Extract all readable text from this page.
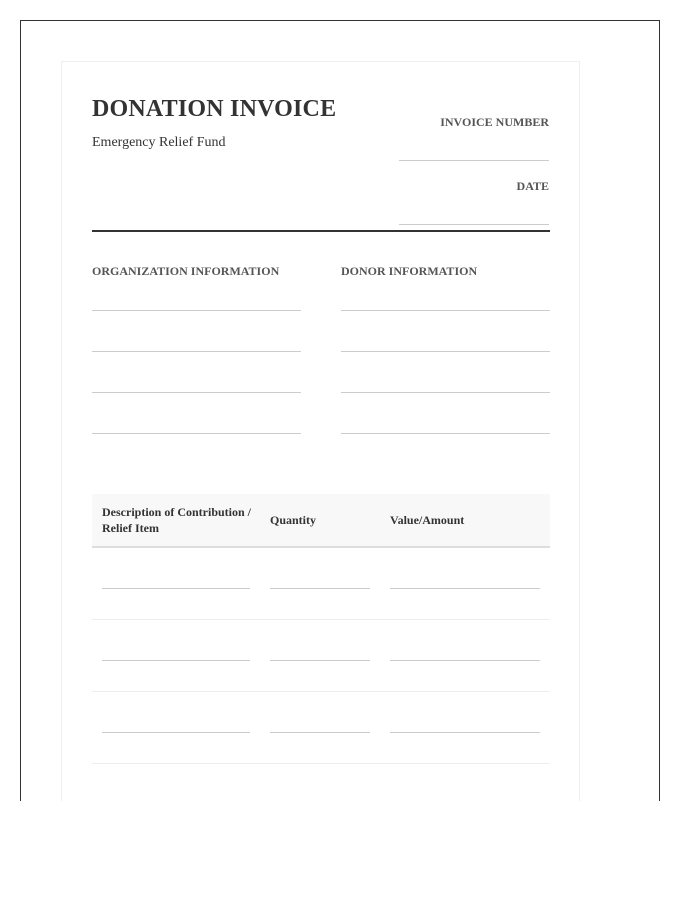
DONATION INVOICE
Emergency Relief Fund
INVOICE NUMBER
DATE
ORGANIZATION INFORMATION	DONOR INFORMATION
Description of Contribution / Relief Item
Quantity	Value/Amount
